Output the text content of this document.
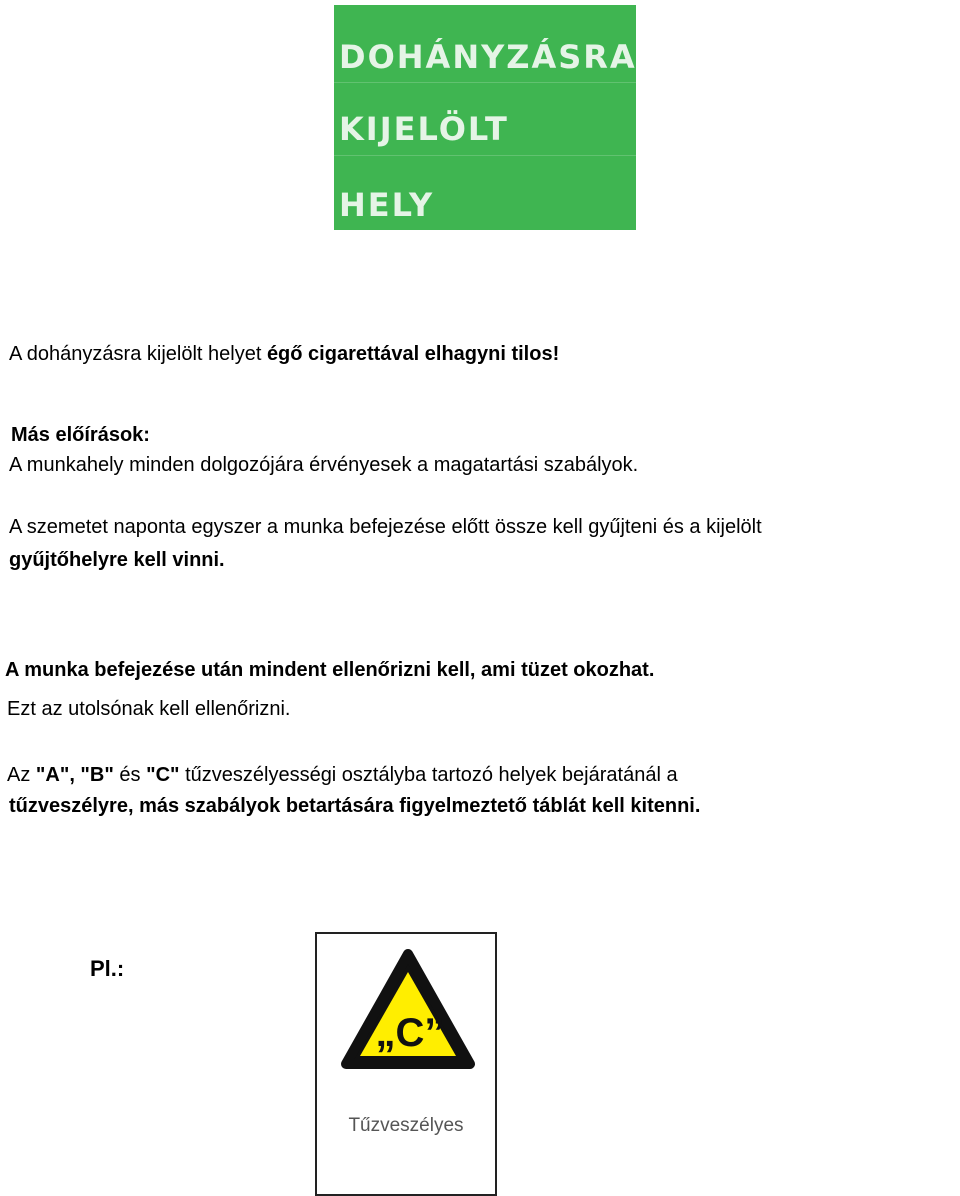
DOHÁNYZÁSRA
KIJELÖLT
HELY

A dohányzásra kijelölt helyet égő cigarettával elhagyni tilos!

Más előírások:

A munkahely minden dolgozójára érvényesek a magatartási szabályok.

A szemetet naponta egyszer a munka befejezése előtt össze kell gyűjteni és a kijelölt

gyűjtőhelyre kell vinni.

A munka befejezése után mindent ellenőrizni kell, ami tüzet okozhat.

Ezt az utolsónak kell ellenőrizni.

Az "A", "B" és "C" tűzveszélyességi osztályba tartozó helyek bejáratánál a

tűzveszélyre, más szabályok betartására figyelmeztető táblát kell kitenni.

Pl.:

„C”
Tűzveszélyes
